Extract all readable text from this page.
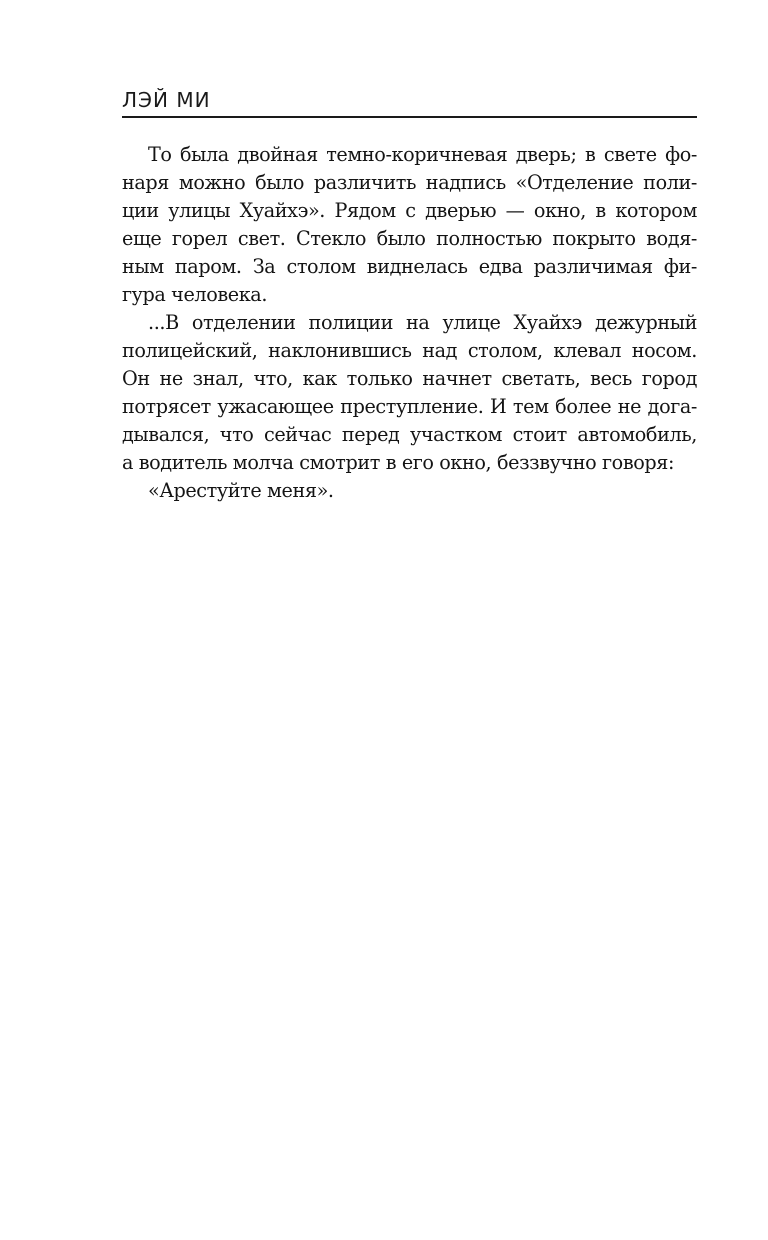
ЛЭЙ МИ
То была двойная темно-коричневая дверь; в свете фо-
наря можно было различить надпись «Отделение поли-
ции улицы Хуайхэ». Рядом с дверью — окно, в котором
еще горел свет. Стекло было полностью покрыто водя-
ным паром. За столом виднелась едва различимая фи-
гура человека.
...В отделении полиции на улице Хуайхэ дежурный
полицейский, наклонившись над столом, клевал носом.
Он не знал, что, как только начнет светать, весь город
потрясет ужасающее преступление. И тем более не дога-
дывался, что сейчас перед участком стоит автомобиль,
а водитель молча смотрит в его окно, беззвучно говоря:
«Арестуйте меня».
